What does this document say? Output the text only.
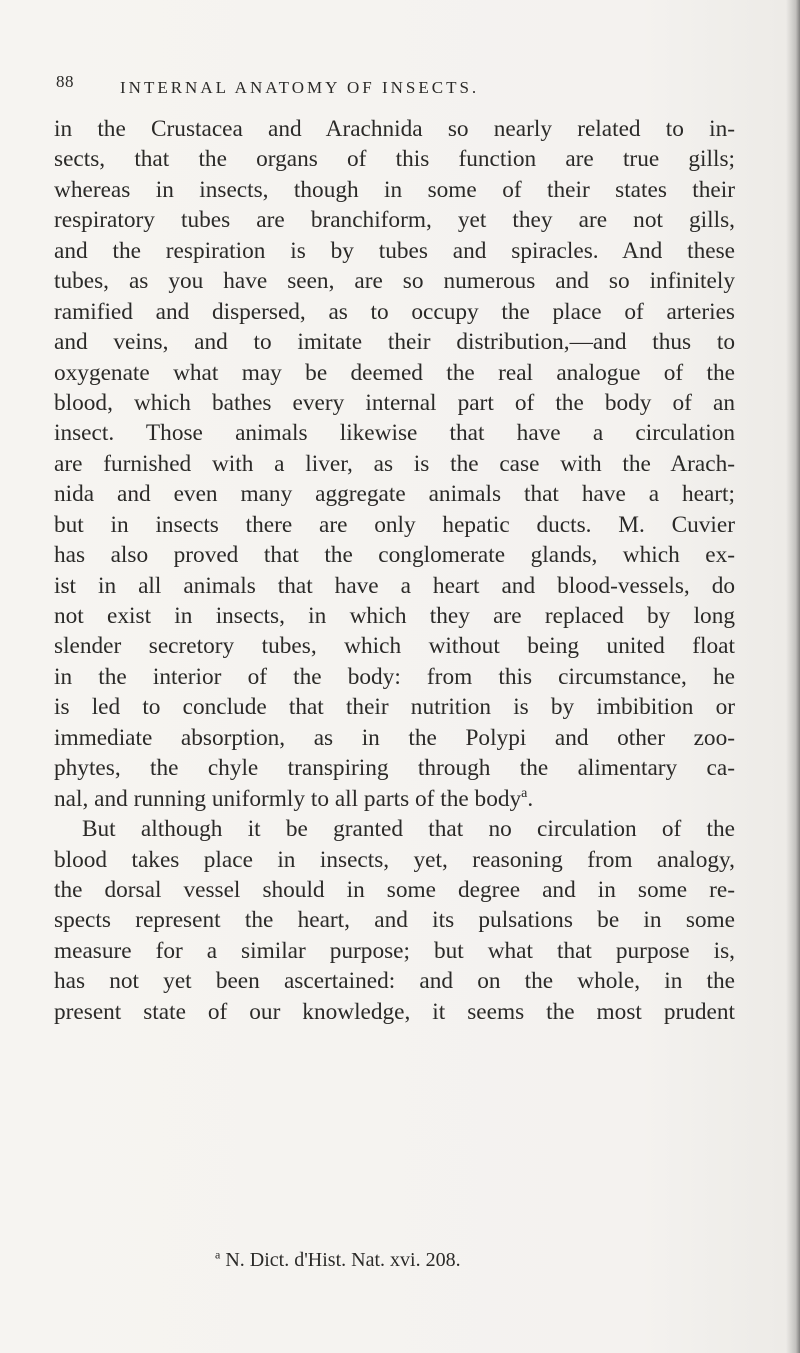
88	INTERNAL ANATOMY OF INSECTS.
in the Crustacea and Arachnida so nearly related to in-
sects, that the organs of this function are true gills;
whereas in insects, though in some of their states their
respiratory tubes are branchiform, yet they are not gills,
and the respiration is by tubes and spiracles. And these
tubes, as you have seen, are so numerous and so infinitely
ramified and dispersed, as to occupy the place of arteries
and veins, and to imitate their distribution,—and thus to
oxygenate what may be deemed the real analogue of the
blood, which bathes every internal part of the body of an
insect. Those animals likewise that have a circulation
are furnished with a liver, as is the case with the Arach-
nida and even many aggregate animals that have a heart;
but in insects there are only hepatic ducts. M. Cuvier
has also proved that the conglomerate glands, which ex-
ist in all animals that have a heart and blood-vessels, do
not exist in insects, in which they are replaced by long
slender secretory tubes, which without being united float
in the interior of the body: from this circumstance, he
is led to conclude that their nutrition is by imbibition or
immediate absorption, as in the Polypi and other zoo-
phytes, the chyle transpiring through the alimentary ca-
nal, and running uniformly to all parts of the body$^a$.
But although it be granted that no circulation of the
blood takes place in insects, yet, reasoning from analogy,
the dorsal vessel should in some degree and in some re-
spects represent the heart, and its pulsations be in some
measure for a similar purpose; but what that purpose is,
has not yet been ascertained: and on the whole, in the
present state of our knowledge, it seems the most prudent
$^a$ N. Dict. d'Hist. Nat. xvi. 208.
